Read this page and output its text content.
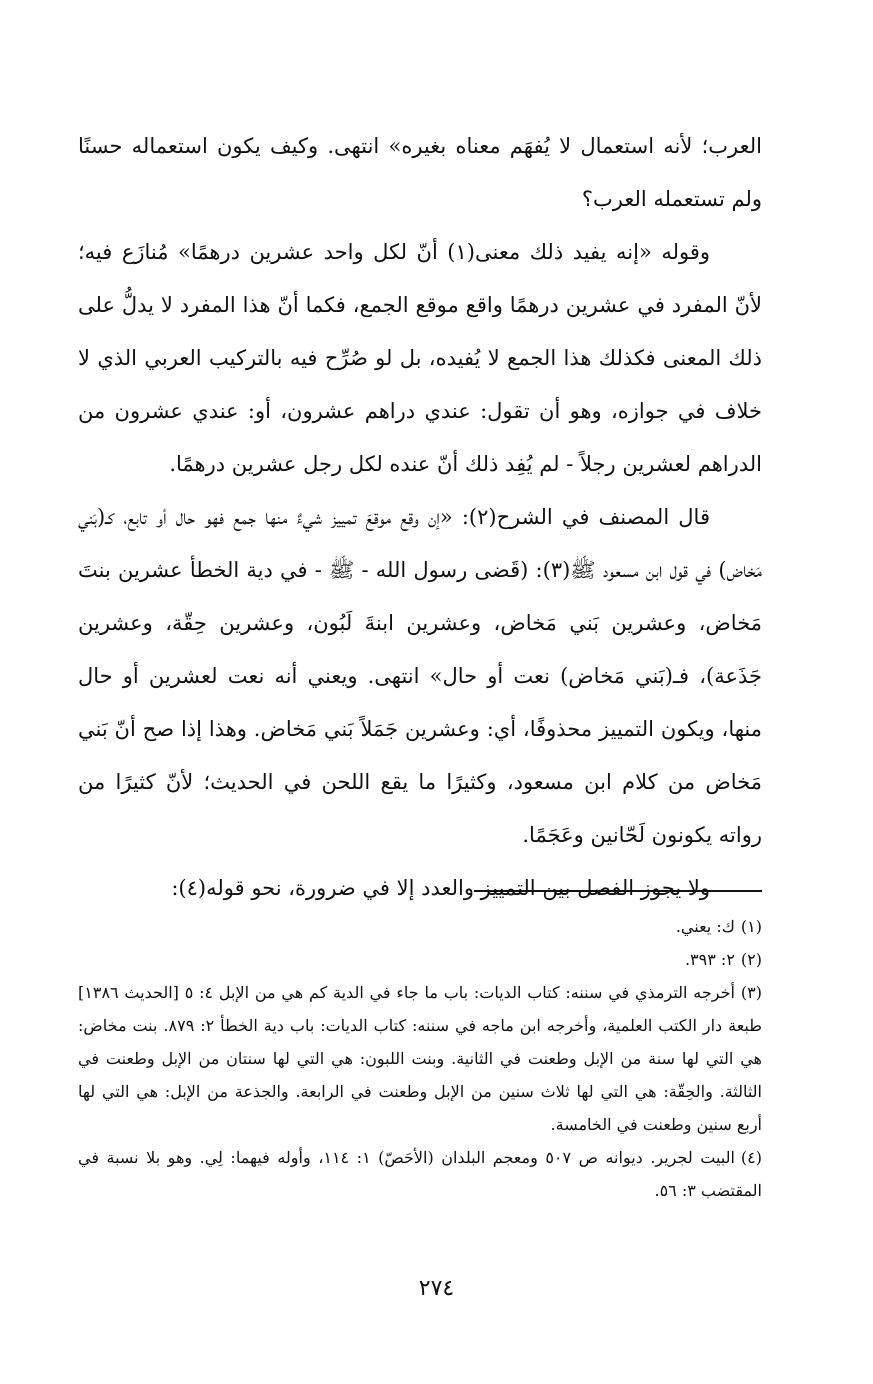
العرب؛ لأنه استعمال لا يُفهَم معناه بغيره» انتهى. وكيف يكون استعماله حسنًا ولم تستعمله العرب؟

وقوله «إنه يفيد ذلك معنى(١) أنّ لكل واحد عشرين درهمًا» مُنازَع فيه؛ لأنّ المفرد في عشرين درهمًا واقع موقع الجمع، فكما أنّ هذا المفرد لا يدلُّ على ذلك المعنى فكذلك هذا الجمع لا يُفيده، بل لو صُرِّح فيه بالتركيب العربي الذي لا خلاف في جوازه، وهو أن تقول: عندي دراهم عشرون، أو: عندي عشرون من الدراهم لعشرين رجلاً - لم يُفِد ذلك أنّ عنده لكل رجل عشرين درهمًا.

قال المصنف في الشرح(٢): «إن وقع موقعَ تمييز شيءٌ منها جمع فهو حال أو تابع، كـ(بَني مَخاض) في قول ابن مسعود ﷺ(٣): (قَضى رسول الله - ﷺ - في دية الخطأ عشرين بنتَ مَخاض، وعشرين بَني مَخاض، وعشرين ابنةَ لَبُون، وعشرين حِقّة، وعشرين جَذَعة)، فـ(بَني مَخاض) نعت أو حال» انتهى. ويعني أنه نعت لعشرين أو حال منها، ويكون التمييز محذوفًا، أي: وعشرين جَمَلاً بَني مَخاض. وهذا إذا صح أنّ بَني مَخاض من كلام ابن مسعود، وكثيرًا ما يقع اللحن في الحديث؛ لأنّ كثيرًا من رواته يكونون لَحّانين وعَجَمًا.

ولا يجوز الفصل بين التمييز والعدد إلا في ضرورة، نحو قوله(٤):

(١)ك: يعني.

(٢)٢: ٣٩٣.

(٣)أخرجه الترمذي في سننه: كتاب الديات: باب ما جاء في الدية كم هي من الإبل ٤: ٥ [الحديث ١٣٨٦] طبعة دار الكتب العلمية، وأخرجه ابن ماجه في سننه: كتاب الديات: باب دية الخطأ ٢: ٨٧٩. بنت مخاض: هي التي لها سنة من الإبل وطعنت في الثانية. وبنت اللبون: هي التي لها سنتان من الإبل وطعنت في الثالثة. والحِقّة: هي التي لها ثلاث سنين من الإبل وطعنت في الرابعة. والجذعة من الإبل: هي التي لها أربع سنين وطعنت في الخامسة.

(٤)البيت لجرير. ديوانه ص ٥٠٧ ومعجم البلدان (الأحَصّ) ١: ١١٤، وأوله فيهما: لِي. وهو بلا نسبة في المقتضب ٣: ٥٦.

٢٧٤
